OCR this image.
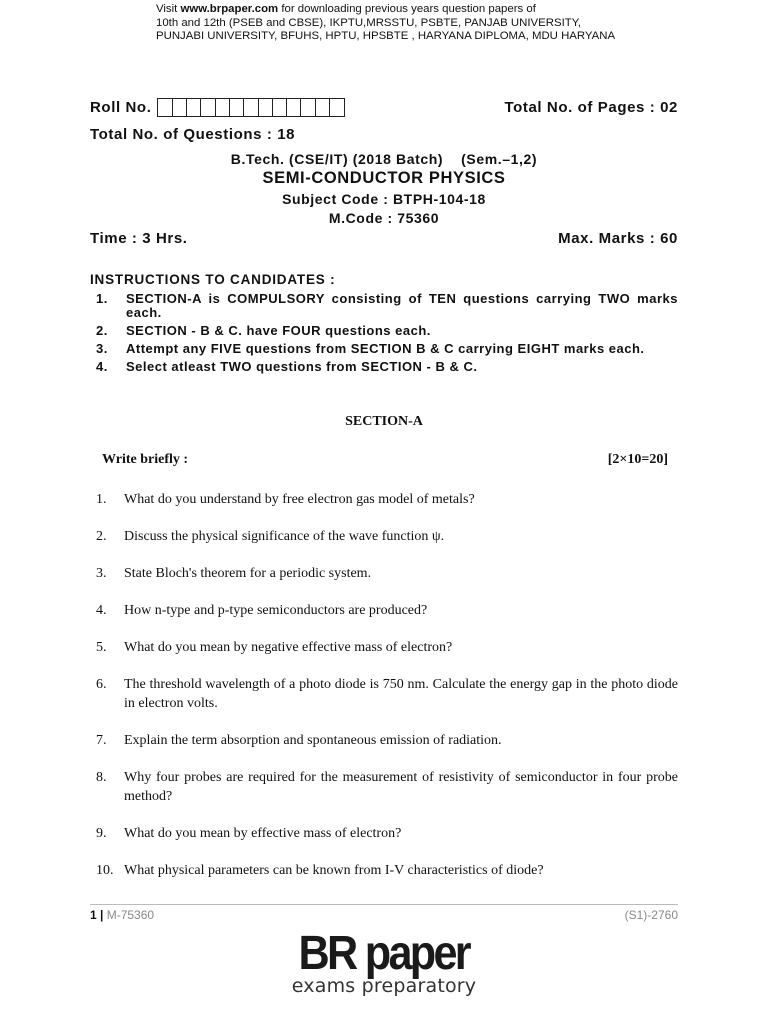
Visit www.brpaper.com for downloading previous years question papers of
10th and 12th (PSEB and CBSE), IKPTU,MRSSTU, PSBTE, PANJAB UNIVERSITY,
PUNJABI UNIVERSITY, BFUHS, HPTU, HPSBTE , HARYANA DIPLOMA, MDU HARYANA
Roll No.	Total No. of Pages : 02
Total No. of Questions : 18
B.Tech. (CSE/IT) (2018 Batch)    (Sem.–1,2)
SEMI-CONDUCTOR PHYSICS
Subject Code : BTPH-104-18
M.Code : 75360
Time : 3 Hrs.	Max. Marks : 60
INSTRUCTIONS TO CANDIDATES :
1.	SECTION-A is COMPULSORY consisting of TEN questions carrying TWO marks each.
2.	SECTION - B & C. have FOUR questions each.
3.	Attempt any FIVE questions from SECTION B & C carrying EIGHT marks each.
4.	Select atleast TWO questions from SECTION - B & C.
SECTION-A
Write briefly :	[2×10=20]
1.	What do you understand by free electron gas model of metals?
2.	Discuss the physical significance of the wave function ψ.
3.	State Bloch's theorem for a periodic system.
4.	How n-type and p-type semiconductors are produced?
5.	What do you mean by negative effective mass of electron?
6.	The threshold wavelength of a photo diode is 750 nm. Calculate the energy gap in the photo diode in electron volts.
7.	Explain the term absorption and spontaneous emission of radiation.
8.	Why four probes are required for the measurement of resistivity of semiconductor in four probe method?
9.	What do you mean by effective mass of electron?
10. What physical parameters can be known from I-V characteristics of diode?
1 | M-75360	(S1)-2760
BR paper
exams preparatory
